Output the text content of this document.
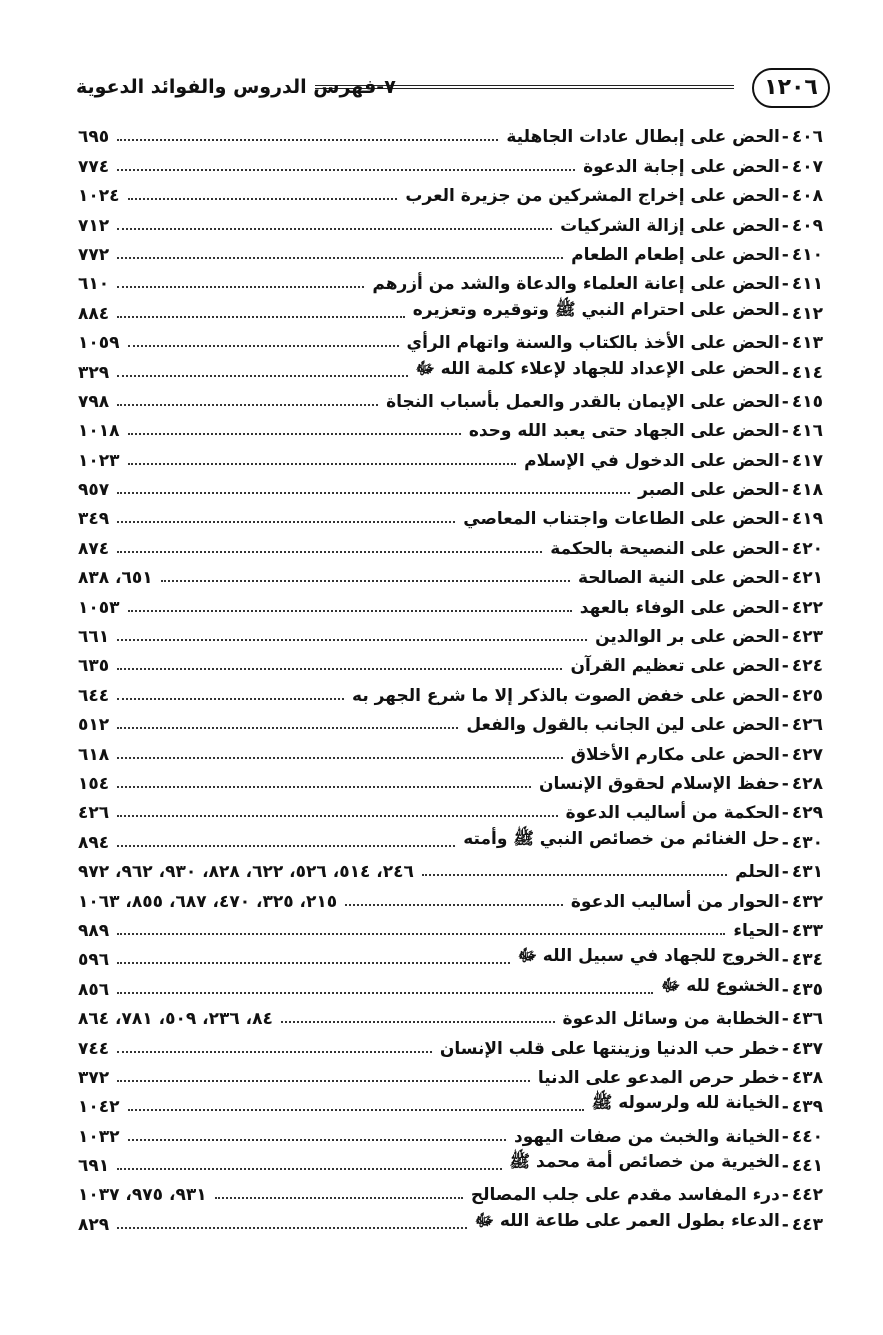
١٢٠٦
٧-فهرس الدروس والفوائد الدعوية
٤٠٦
-
الحض على إبطال عادات الجاهلية
٦٩٥
٤٠٧
-
الحض على إجابة الدعوة
٧٧٤
٤٠٨
-
الحض على إخراج المشركين من جزيرة العرب
١٠٢٤
٤٠٩
-
الحض على إزالة الشركيات
٧١٢
٤١٠
-
الحض على إطعام الطعام
٧٧٢
٤١١
-
الحض على إعانة العلماء والدعاة والشد من أزرهم
٦١٠
٤١٢
-
الحض على احترام النبي ﷺ وتوقيره وتعزيره
٨٨٤
٤١٣
-
الحض على الأخذ بالكتاب والسنة واتهام الرأي
١٠٥٩
٤١٤
-
الحض على الإعداد للجهاد لإعلاء كلمة الله ﷻ
٣٢٩
٤١٥
-
الحض على الإيمان بالقدر والعمل بأسباب النجاة
٧٩٨
٤١٦
-
الحض على الجهاد حتى يعبد الله وحده
١٠١٨
٤١٧
-
الحض على الدخول في الإسلام
١٠٢٣
٤١٨
-
الحض على الصبر
٩٥٧
٤١٩
-
الحض على الطاعات واجتناب المعاصي
٣٤٩
٤٢٠
-
الحض على النصيحة بالحكمة
٨٧٤
٤٢١
-
الحض على النية الصالحة
٦٥١، ٨٣٨
٤٢٢
-
الحض على الوفاء بالعهد
١٠٥٣
٤٢٣
-
الحض على بر الوالدين
٦٦١
٤٢٤
-
الحض على تعظيم القرآن
٦٣٥
٤٢٥
-
الحض على خفض الصوت بالذكر إلا ما شرع الجهر به
٦٤٤
٤٢٦
-
الحض على لين الجانب بالقول والفعل
٥١٢
٤٢٧
-
الحض على مكارم الأخلاق
٦١٨
٤٢٨
-
حفظ الإسلام لحقوق الإنسان
١٥٤
٤٢٩
-
الحكمة من أساليب الدعوة
٤٢٦
٤٣٠
-
حل الغنائم من خصائص النبي ﷺ وأمته
٨٩٤
٤٣١
-
الحلم
٢٤٦، ٥١٤، ٥٢٦، ٦٢٢، ٨٢٨، ٩٣٠، ٩٦٢، ٩٧٢
٤٣٢
-
الحوار من أساليب الدعوة
٢١٥، ٣٢٥، ٤٧٠، ٦٨٧، ٨٥٥، ١٠٦٣
٤٣٣
-
الحياء
٩٨٩
٤٣٤
-
الخروج للجهاد في سبيل الله ﷻ
٥٩٦
٤٣٥
-
الخشوع لله ﷻ
٨٥٦
٤٣٦
-
الخطابة من وسائل الدعوة
٨٤، ٢٣٦، ٥٠٩، ٧٨١، ٨٦٤
٤٣٧
-
خطر حب الدنيا وزينتها على قلب الإنسان
٧٤٤
٤٣٨
-
خطر حرص المدعو على الدنيا
٣٧٢
٤٣٩
-
الخيانة لله ولرسوله ﷺ
١٠٤٢
٤٤٠
-
الخيانة والخبث من صفات اليهود
١٠٣٢
٤٤١
-
الخيرية من خصائص أمة محمد ﷺ
٦٩١
٤٤٢
-
درء المفاسد مقدم على جلب المصالح
٩٣١، ٩٧٥، ١٠٣٧
٤٤٣
-
الدعاء بطول العمر على طاعة الله ﷻ
٨٢٩
